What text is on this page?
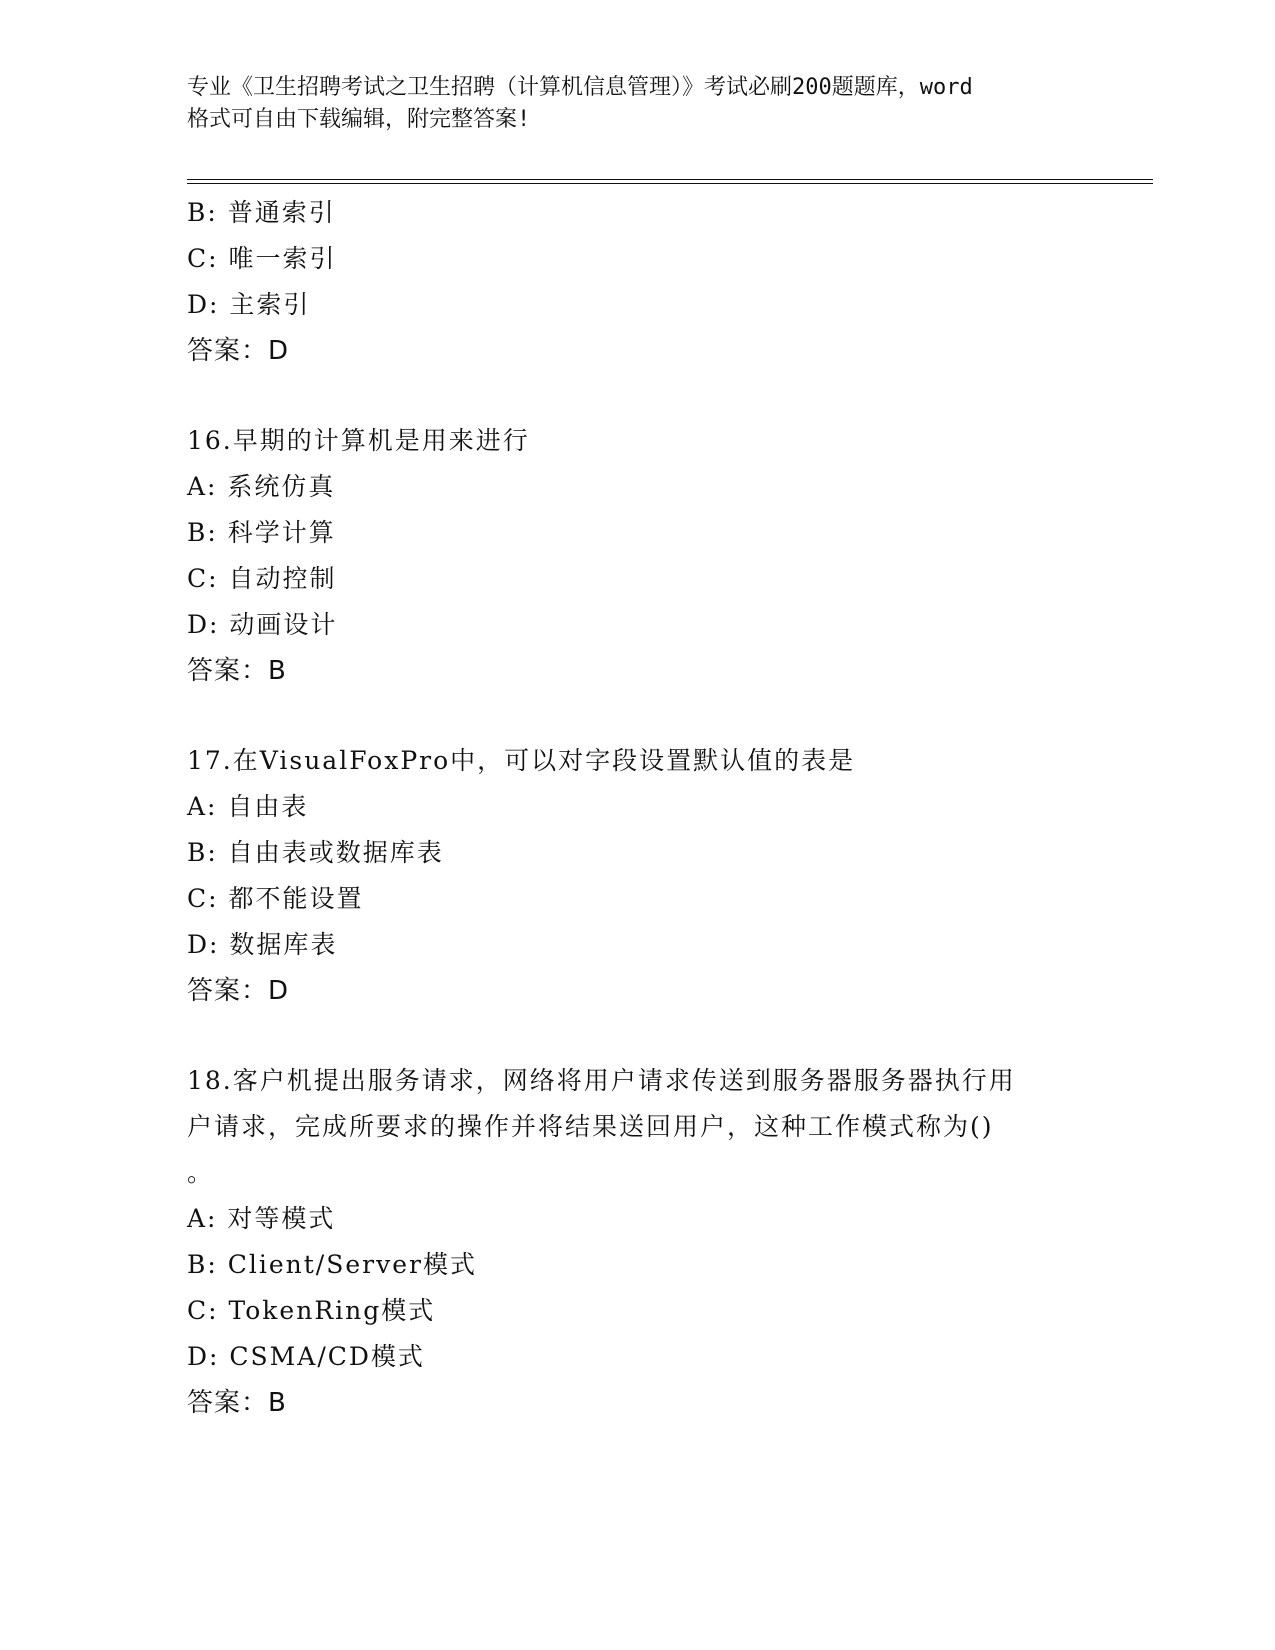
专业《卫生招聘考试之卫生招聘（计算机信息管理）》考试必刷200题题库，word

格式可自由下载编辑，附完整答案!

B: 普通索引
C: 唯一索引
D: 主索引
答案：D
16.早期的计算机是用来进行
A: 系统仿真
B: 科学计算
C: 自动控制
D: 动画设计
答案：B
17.在VisualFoxPro中，可以对字段设置默认值的表是
A: 自由表
B: 自由表或数据库表
C: 都不能设置
D: 数据库表
答案：D
18.客户机提出服务请求，网络将用户请求传送到服务器服务器执行用
户请求，完成所要求的操作并将结果送回用户，这种工作模式称为()
。
A: 对等模式
B: Client/Server模式
C: TokenRing模式
D: CSMA/CD模式
答案：B
